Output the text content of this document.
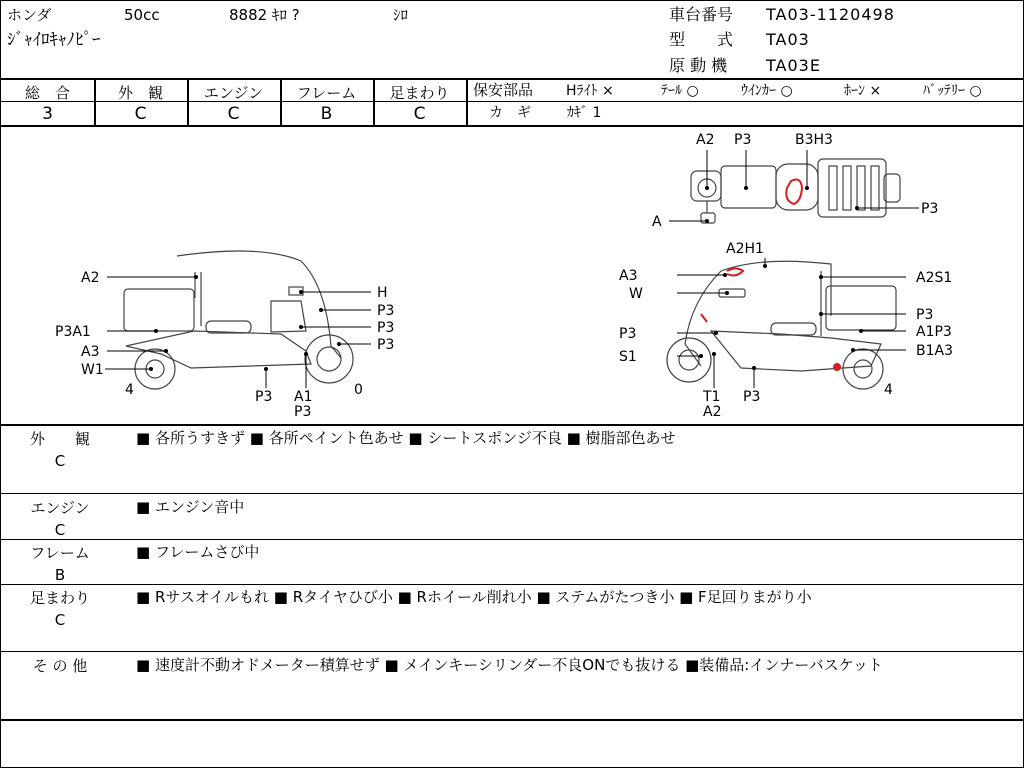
ホンダ	50cc	8882 ｷﾛ ?	ｼﾛ
ｼﾞｬｲﾛｷｬﾉﾋﾟｰ
車台番号 TA03-1120498
型　　式 TA03
原 動 機 TA03E
総　合
3
外　観
C
エンジン
C
フレーム
B
足まわり
C
保安部品 Hﾗｲﾄ ×	ﾃｰﾙ ○	ｳｲﾝｶｰ ○	ﾎｰﾝ ×	ﾊﾞｯﾃﾘｰ ○
カ　ギ	ｶｷﾞ 1
A2 P3	B3H3
P3
A
A2
H
P3
P3
P3
P3A1
A3
W1
4	P3 A1
P3
0
A2H1
A3	A2S1
W
P3
P3
A1P3
S1	B1A3
T1
A2
P3	4
外　　観
C
■ 各所うすきず ■ 各所ペイント色あせ ■ シートスポンジ不良 ■ 樹脂部色あせ
エンジン
C
■ エンジン音中
フレーム
B
■ フレームさび中
足まわり
C
■ Rサスオイルもれ ■ Rタイヤひび小 ■ Rホイール削れ小 ■ ステムがたつき小 ■ F足回りまがり小
そ の 他	■ 速度計不動オドメーター積算せず ■ メインキーシリンダー不良ONでも抜ける ■装備品:インナーバスケット
